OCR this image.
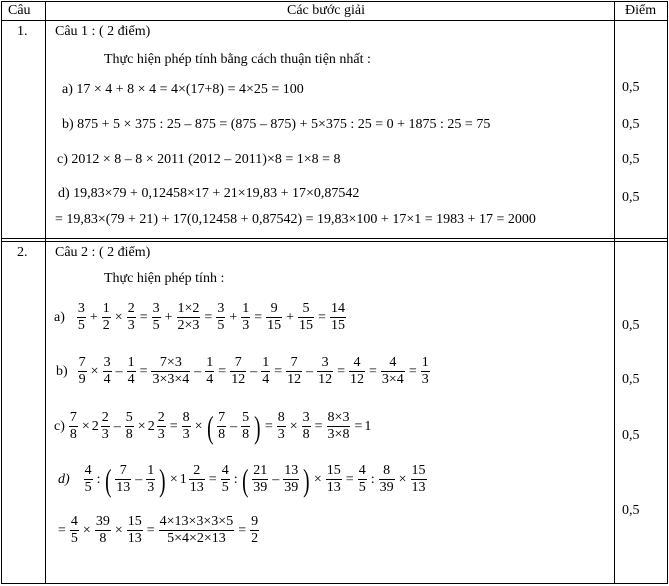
Câu	Các bước giải	Điểm
1. Câu 1 : ( 2 điểm)
Thực hiện phép tính bằng cách thuận tiện nhất :
a) 17 × 4 + 8 × 4 = 4×(17+8) = 4×25 = 100
b) 875 + 5 × 375 : 25 – 875 = (875 – 875) + 5×375 : 25 = 0 + 1875 : 25 = 75
c) 2012 × 8 – 8 × 2011 (2012 – 2011)×8 = 1×8 = 8
d) 19,83×79 + 0,12458×17 + 21×19,83 + 17×0,87542
= 19,83×(79 + 21) + 17(0,12458 + 0,87542) = 19,83×100 + 17×1 = 1983 + 17 = 2000
0,5
0,5
0,5
0,5
2. Câu 2 : ( 2 điểm)
Thực hiện phép tính :
$a) \frac{3}{5} + \frac{1}{2} \times \frac{2}{3} = \frac{3}{5} + \frac{1\times 2}{2\times 3} = \frac{3}{5} + \frac{1}{3} = \frac{9}{15} + \frac{5}{15} = \frac{14}{15}$
$b) \frac{7}{9} \times \frac{3}{4} - \frac{1}{4} = \frac{7\times 3}{3\times 3\times 4} - \frac{1}{4} = \frac{7}{12} - \frac{1}{4} = \frac{7}{12} - \frac{3}{12} = \frac{4}{12} = \frac{4}{3\times 4} = \frac{1}{3}$
$c) \frac{7}{8} \times 2 \frac{2}{3} - \frac{5}{8} \times 2 \frac{2}{3} = \frac{8}{3}$ × ( $\frac{7}{8} - \frac{5}{8}$ ) = $\frac{8}{3} \times \frac{3}{8} = \frac{8\times 3}{3\times 8} = 1$
$d) \frac{4}{5}$ : ( $\frac{7}{13} - \frac{1}{3}$ ) × $1 \frac{2}{13} = \frac{4}{5}$ : ( $\frac{21}{39} - \frac{13}{39}$ ) × $\frac{15}{13} = \frac{4}{5}$ : $\frac{8}{39} \times \frac{15}{13}$
= $\frac{4}{5} \times \frac{39}{8} \times \frac{15}{13} = \frac{4\times 13\times 3\times 3\times 5}{5\times 4\times 2\times 13} = \frac{9}{2}$
0,5
0,5
0,5
0,5
